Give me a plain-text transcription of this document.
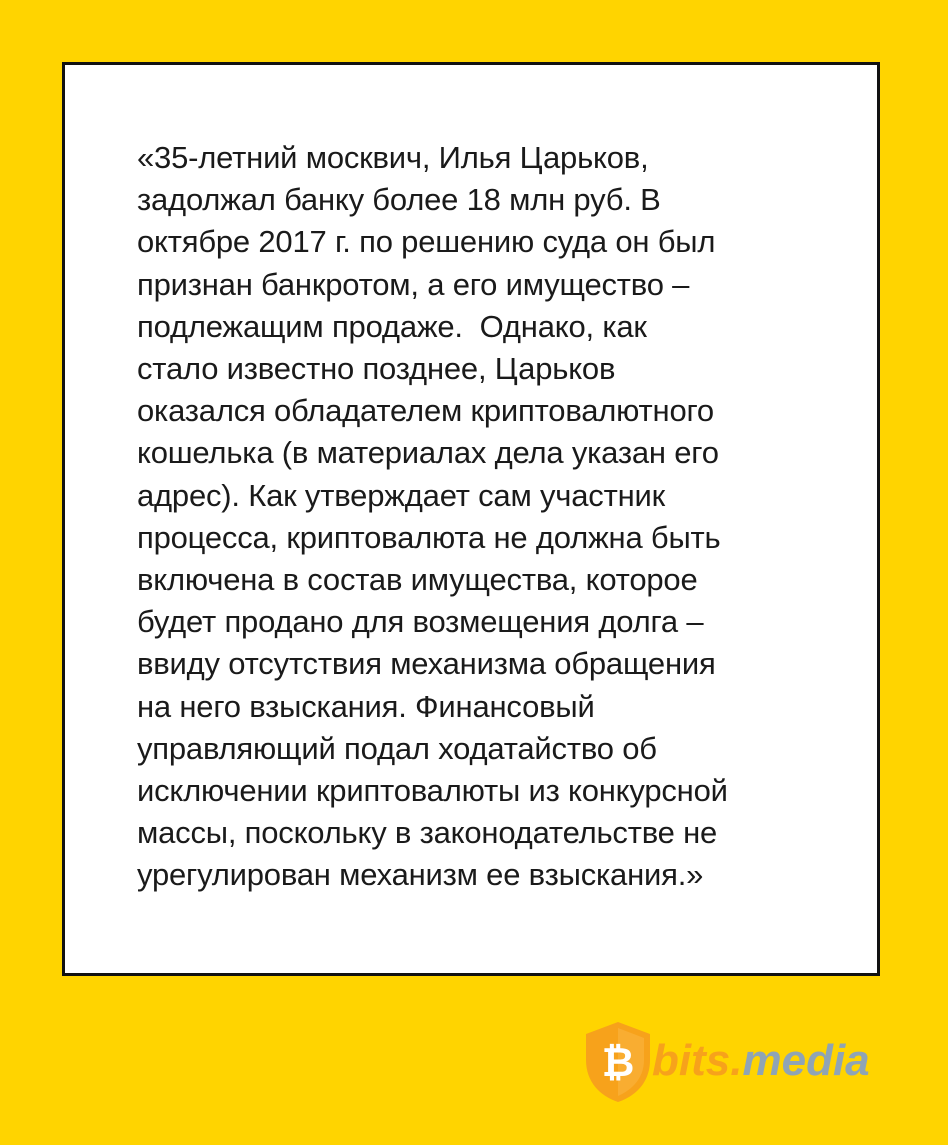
«35-летний москвич, Илья Царьков,
задолжал банку более 18 млн руб. В
октябре 2017 г. по решению суда он был
признан банкротом, а его имущество –
подлежащим продаже.  Однако, как
стало известно позднее, Царьков
оказался обладателем криптовалютного
кошелька (в материалах дела указан его
адрес). Как утверждает сам участник
процесса, криптовалюта не должна быть
включена в состав имущества, которое
будет продано для возмещения долга –
ввиду отсутствия механизма обращения
на него взыскания. Финансовый
управляющий подал ходатайство об
исключении криптовалюты из конкурсной
массы, поскольку в законодательстве не
урегулирован механизм ее взыскания.»

₿ bits.media
